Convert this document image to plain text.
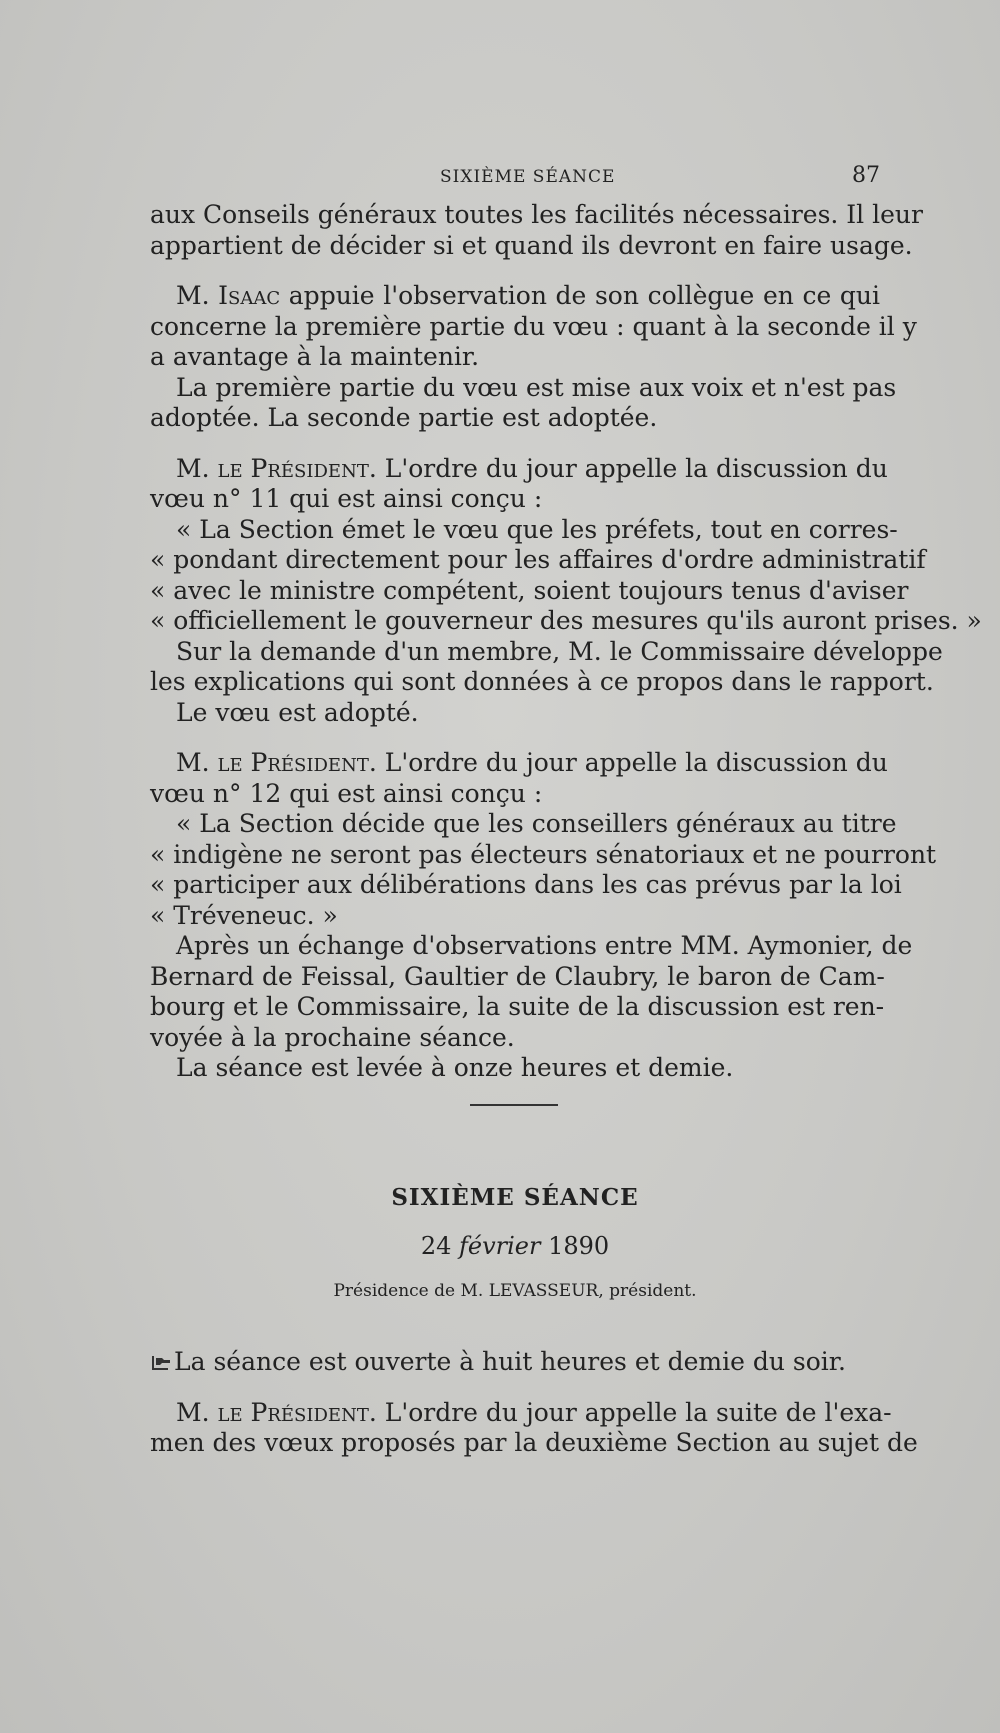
SIXIÈME SÉANCE	87
aux Conseils généraux toutes les facilités nécessaires. Il leur
appartient de décider si et quand ils devront en faire usage.
M. Isaac appuie l'observation de son collègue en ce qui
concerne la première partie du vœu : quant à la seconde il y
a avantage à la maintenir.
La première partie du vœu est mise aux voix et n'est pas
adoptée. La seconde partie est adoptée.
M. le Président. L'ordre du jour appelle la discussion du
vœu n° 11 qui est ainsi conçu :
« La Section émet le vœu que les préfets, tout en corres-
« pondant directement pour les affaires d'ordre administratif
« avec le ministre compétent, soient toujours tenus d'aviser
« officiellement le gouverneur des mesures qu'ils auront prises. »
Sur la demande d'un membre, M. le Commissaire développe
les explications qui sont données à ce propos dans le rapport.
Le vœu est adopté.
M. le Président. L'ordre du jour appelle la discussion du
vœu n° 12 qui est ainsi conçu :
« La Section décide que les conseillers généraux au titre
« indigène ne seront pas électeurs sénatoriaux et ne pourront
« participer aux délibérations dans les cas prévus par la loi
« Tréveneuc. »
Après un échange d'observations entre MM. Aymonier, de
Bernard de Feissal, Gaultier de Claubry, le baron de Cam-
bourg et le Commissaire, la suite de la discussion est ren-
voyée à la prochaine séance.
La séance est levée à onze heures et demie.
SIXIÈME SÉANCE
24 février 1890
Présidence de M. LEVASSEUR, président.
La séance est ouverte à huit heures et demie du soir.
M. le Président. L'ordre du jour appelle la suite de l'exa-
men des vœux proposés par la deuxième Section au sujet de
